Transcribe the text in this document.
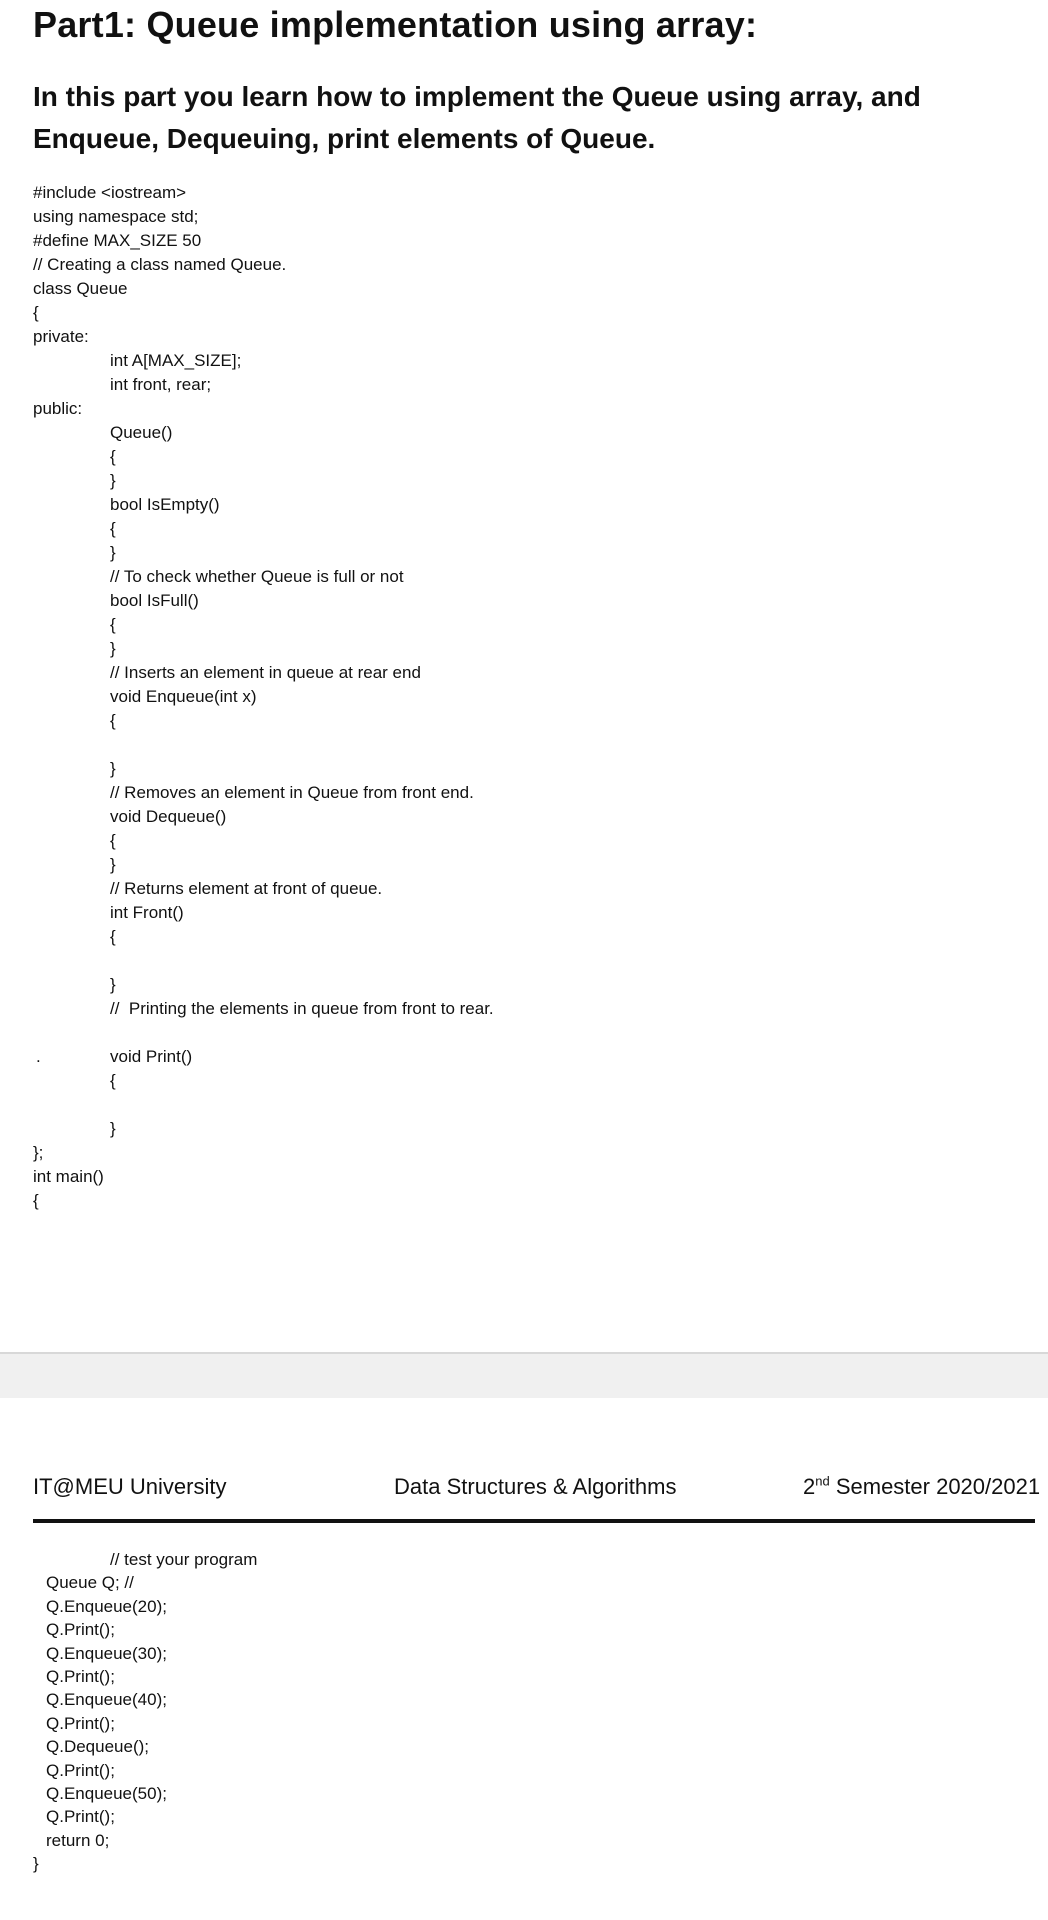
Part1: Queue implementation using array:

In this part you learn how to implement the Queue using array, and Enqueue, Dequeuing, print elements of Queue.

#include <iostream>
using namespace std;
#define MAX_SIZE 50
// Creating a class named Queue.
class Queue
{
private:
int A[MAX_SIZE];
int front, rear;
public:
Queue()
{
}
bool IsEmpty()
{
}
// To check whether Queue is full or not
bool IsFull()
{
}
// Inserts an element in queue at rear end
void Enqueue(int x)
{
}
// Removes an element in Queue from front end.
void Dequeue()
{
}
// Returns element at front of queue.
int Front()
{
}
//  Printing the elements in queue from front to rear.
.	void Print()
{
}
};
int main()
{
IT@MEU University	Data Structures & Algorithms	2nd Semester 2020/2021
// test your program
Queue Q; //
Q.Enqueue(20);
Q.Print();
Q.Enqueue(30);
Q.Print();
Q.Enqueue(40);
Q.Print();
Q.Dequeue();
Q.Print();
Q.Enqueue(50);
Q.Print();
return 0;
}
